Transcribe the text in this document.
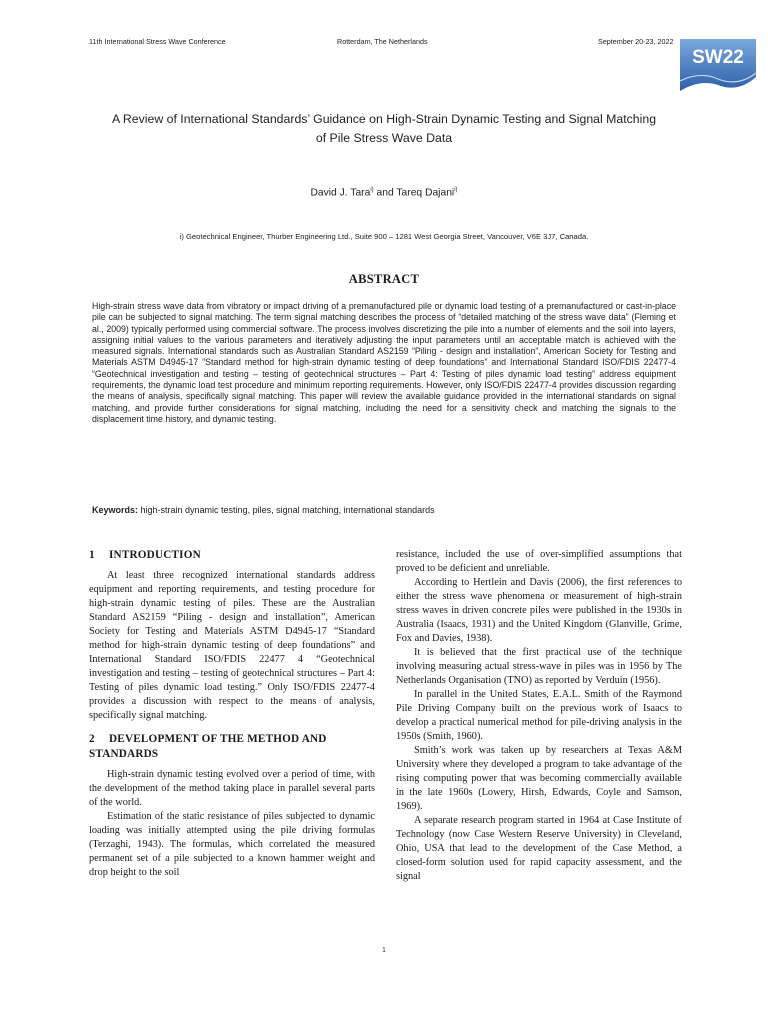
11th International Stress Wave Conference	Rotterdam, The Netherlands	September 20-23, 2022
SW22
A Review of International Standards’ Guidance on High-Strain Dynamic Testing and Signal Matching
of Pile Stress Wave Data
David J. Tara$^{i)}$ and Tareq Dajani$^{i)}$
i) Geotechnical Engineer, Thurber Engineering Ltd., Suite 900 – 1281 West Georgia Street, Vancouver, V6E 3J7, Canada.
ABSTRACT
High-strain stress wave data from vibratory or impact driving of a premanufactured pile or dynamic load testing of a premanufactured or cast-in-place pile can be subjected to signal matching. The term signal matching describes the process of “detailed matching of the stress wave data” (Fleming et al., 2009) typically performed using commercial software. The process involves discretizing the pile into a number of elements and the soil into layers, assigning initial values to the various parameters and iteratively adjusting the input parameters until an acceptable match is achieved with the measured signals. International standards such as Australian Standard AS2159 “Piling - design and installation”, American Society for Testing and Materials ASTM D4945-17 “Standard method for high-strain dynamic testing of deep foundations” and International Standard ISO/FDIS 22477-4 “Geotechnical investigation and testing – testing of geotechnical structures – Part 4: Testing of piles dynamic load testing” address equipment requirements, the dynamic load test procedure and minimum reporting requirements. However, only ISO/FDIS 22477-4 provides discussion regarding the means of analysis, specifically signal matching. This paper will review the available guidance provided in the international standards on signal matching, and provide further considerations for signal matching, including the need for a sensitivity check and matching the signals to the displacement time history, and dynamic testing.
Keywords: high-strain dynamic testing, piles, signal matching, international standards
1 INTRODUCTION

At least three recognized international standards address equipment and reporting requirements, and testing procedure for high-strain dynamic testing of piles. These are the Australian Standard AS2159 “Piling - design and installation”, American Society for Testing and Materials ASTM D4945-17 “Standard method for high-strain dynamic testing of deep foundations” and International Standard ISO/FDIS 22477 4 “Geotechnical investigation and testing – testing of geotechnical structures – Part 4: Testing of piles dynamic load testing.” Only ISO/FDIS 22477-4 provides a discussion with respect to the means of analysis, specifically signal matching.

2 DEVELOPMENT OF THE METHOD AND STANDARDS

High-strain dynamic testing evolved over a period of time, with the development of the method taking place in parallel several parts of the world.

Estimation of the static resistance of piles subjected to dynamic loading was initially attempted using the pile driving formulas (Terzaghi, 1943). The formulas, which correlated the measured permanent set of a pile subjected to a known hammer weight and drop height to the soil

resistance, included the use of over-simplified assumptions that proved to be deficient and unreliable.

According to Hertlein and Davis (2006), the first references to either the stress wave phenomena or measurement of high-strain stress waves in driven concrete piles were published in the 1930s in Australia (Isaacs, 1931) and the United Kingdom (Glanville, Grime, Fox and Davies, 1938).

It is believed that the first practical use of the technique involving measuring actual stress-wave in piles was in 1956 by The Netherlands Organisation (TNO) as reported by Verduin (1956).

In parallel in the United States, E.A.L. Smith of the Raymond Pile Driving Company built on the previous work of Isaacs to develop a practical numerical method for pile-driving analysis in the 1950s (Smith, 1960).

Smith’s work was taken up by researchers at Texas A&M University where they developed a program to take advantage of the rising computing power that was becoming commercially available in the late 1960s (Lowery, Hirsh, Edwards, Coyle and Samson, 1969).

A separate research program started in 1964 at Case Institute of Technology (now Case Western Reserve University) in Cleveland, Ohio, USA that lead to the development of the Case Method, a closed-form solution used for rapid capacity assessment, and the signal

1
